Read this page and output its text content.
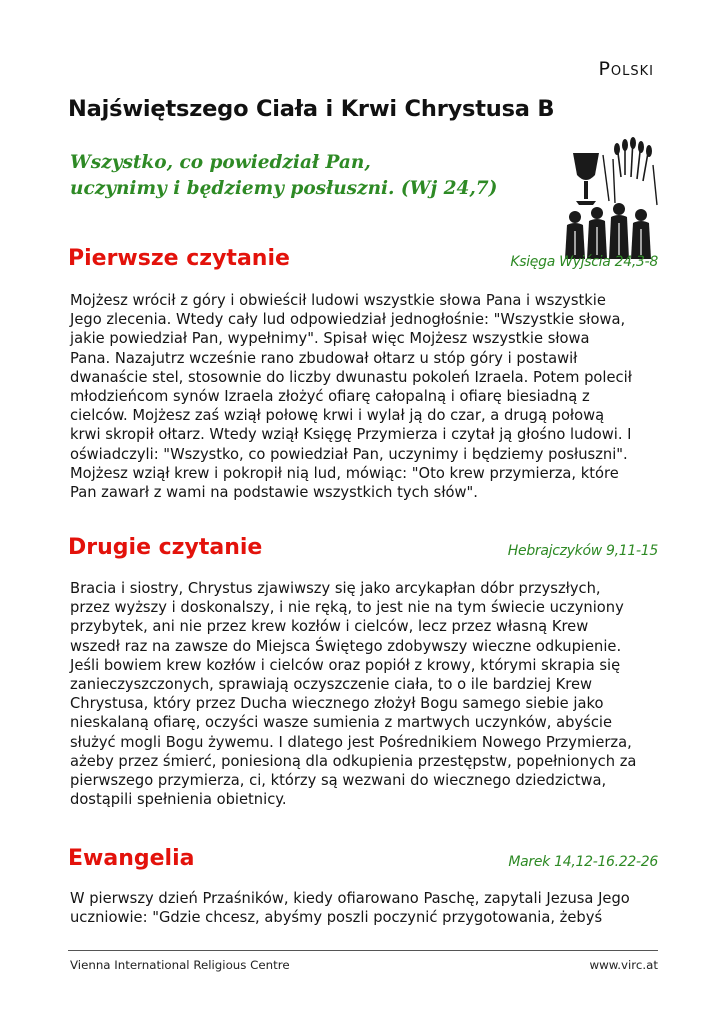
Polski
Najświętszego Ciała i Krwi Chrystusa B
Wszystko, co powiedział Pan,
uczynimy i będziemy posłuszni. (Wj 24,7)
Pierwsze czytanie	Księga Wyjścia 24,3-8
Mojżesz wrócił z góry i obwieścił ludowi wszystkie słowa Pana i wszystkie
Jego zlecenia. Wtedy cały lud odpowiedział jednogłośnie: "Wszystkie słowa,
jakie powiedział Pan, wypełnimy". Spisał więc Mojżesz wszystkie słowa
Pana. Nazajutrz wcześnie rano zbudował ołtarz u stóp góry i postawił
dwanaście stel, stosownie do liczby dwunastu pokoleń Izraela. Potem polecił
młodzieńcom synów Izraela złożyć ofiarę całopalną i ofiarę biesiadną z
cielców. Mojżesz zaś wziął połowę krwi i wylał ją do czar, a drugą połową
krwi skropił ołtarz. Wtedy wziął Księgę Przymierza i czytał ją głośno ludowi. I
oświadczyli: "Wszystko, co powiedział Pan, uczynimy i będziemy posłuszni".
Mojżesz wziął krew i pokropił nią lud, mówiąc: "Oto krew przymierza, które
Pan zawarł z wami na podstawie wszystkich tych słów".
Drugie czytanie	Hebrajczyków 9,11-15
Bracia i siostry, Chrystus zjawiwszy się jako arcykapłan dóbr przyszłych,
przez wyższy i doskonalszy, i nie ręką, to jest nie na tym świecie uczyniony
przybytek, ani nie przez krew kozłów i cielców, lecz przez własną Krew
wszedł raz na zawsze do Miejsca Świętego zdobywszy wieczne odkupienie.
Jeśli bowiem krew kozłów i cielców oraz popiół z krowy, którymi skrapia się
zanieczyszczonych, sprawiają oczyszczenie ciała, to o ile bardziej Krew
Chrystusa, który przez Ducha wiecznego złożył Bogu samego siebie jako
nieskalaną ofiarę, oczyści wasze sumienia z martwych uczynków, abyście
służyć mogli Bogu żywemu. I dlatego jest Pośrednikiem Nowego Przymierza,
ażeby przez śmierć, poniesioną dla odkupienia przestępstw, popełnionych za
pierwszego przymierza, ci, którzy są wezwani do wiecznego dziedzictwa,
dostąpili spełnienia obietnicy.
Ewangelia	Marek 14,12-16.22-26
W pierwszy dzień Przaśników, kiedy ofiarowano Paschę, zapytali Jezusa Jego
uczniowie: "Gdzie chcesz, abyśmy poszli poczynić przygotowania, żebyś
Vienna International Religious Centre	www.virc.at
